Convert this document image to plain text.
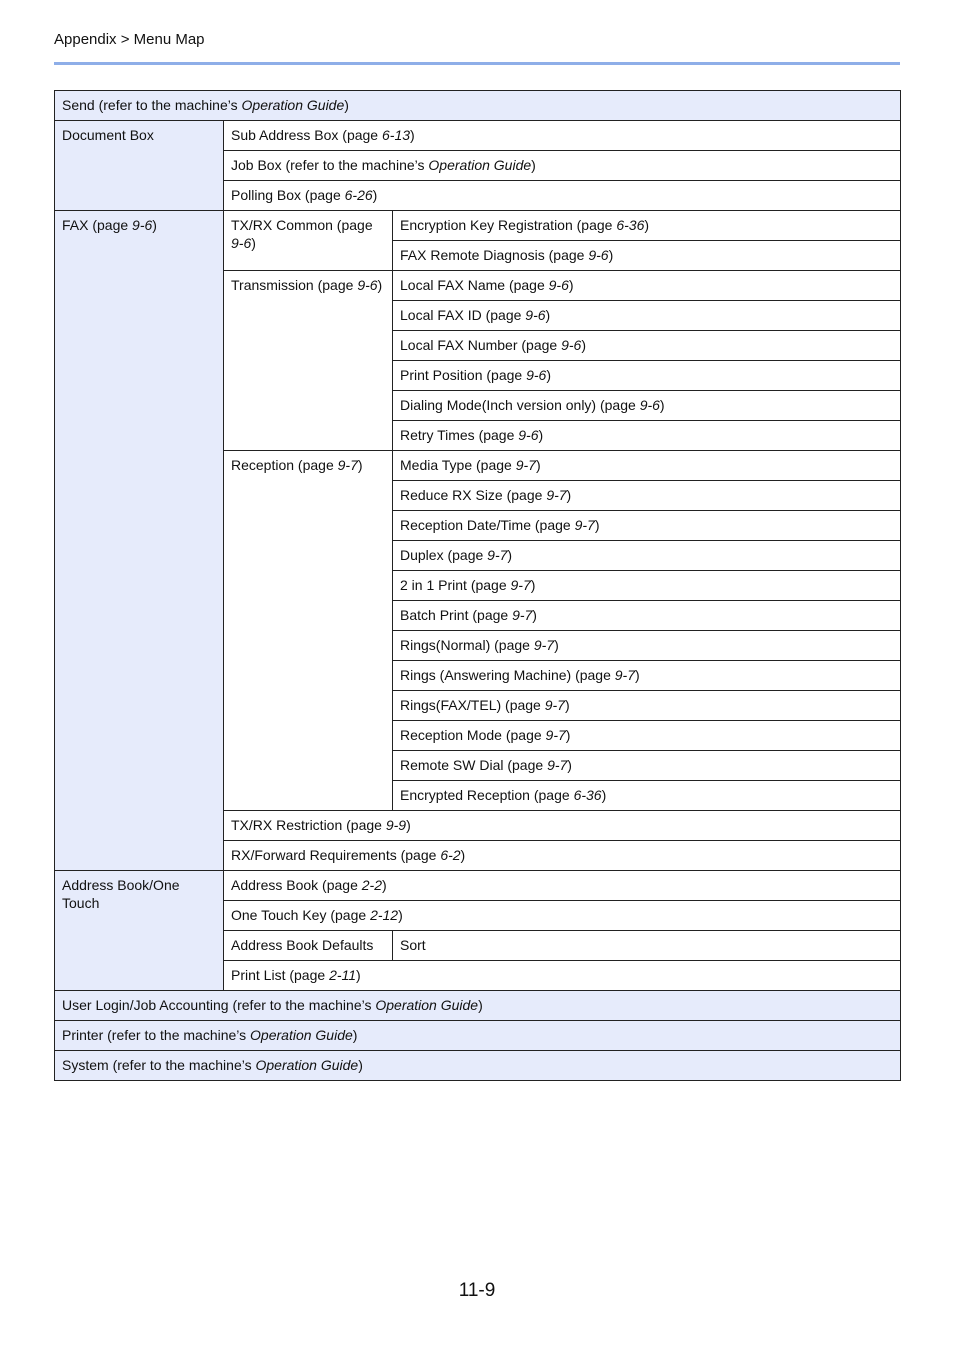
Appendix > Menu Map
Send (refer to the machine’s Operation Guide)		
Document Box	Sub Address Box (page 6-13)	
	Job Box (refer to the machine’s Operation Guide)	
	Polling Box (page 6-26)	
FAX (page 9-6)	TX/RX Common (page 9-6)	Encryption Key Registration (page 6-36)
		FAX Remote Diagnosis (page 9-6)
	Transmission (page 9-6)	Local FAX Name (page 9-6)
		Local FAX ID (page 9-6)
		Local FAX Number (page 9-6)
		Print Position (page 9-6)
		Dialing Mode(Inch version only) (page 9-6)
		Retry Times (page 9-6)
	Reception (page 9-7)	Media Type (page 9-7)
		Reduce RX Size (page 9-7)
		Reception Date/Time (page 9-7)
		Duplex (page 9-7)
		2 in 1 Print (page 9-7)
		Batch Print (page 9-7)
		Rings(Normal) (page 9-7)
		Rings (Answering Machine) (page 9-7)
		Rings(FAX/TEL) (page 9-7)
		Reception Mode (page 9-7)
		Remote SW Dial (page 9-7)
		Encrypted Reception (page 6-36)
	TX/RX Restriction (page 9-9)	
	RX/Forward Requirements (page 6-2)	
Address Book/One Touch	Address Book (page 2-2)	
	One Touch Key (page 2-12)	
	Address Book Defaults	Sort
	Print List (page 2-11)	
User Login/Job Accounting (refer to the machine’s Operation Guide)		
Printer (refer to the machine’s Operation Guide)		
System (refer to the machine’s Operation Guide)		
11-9
